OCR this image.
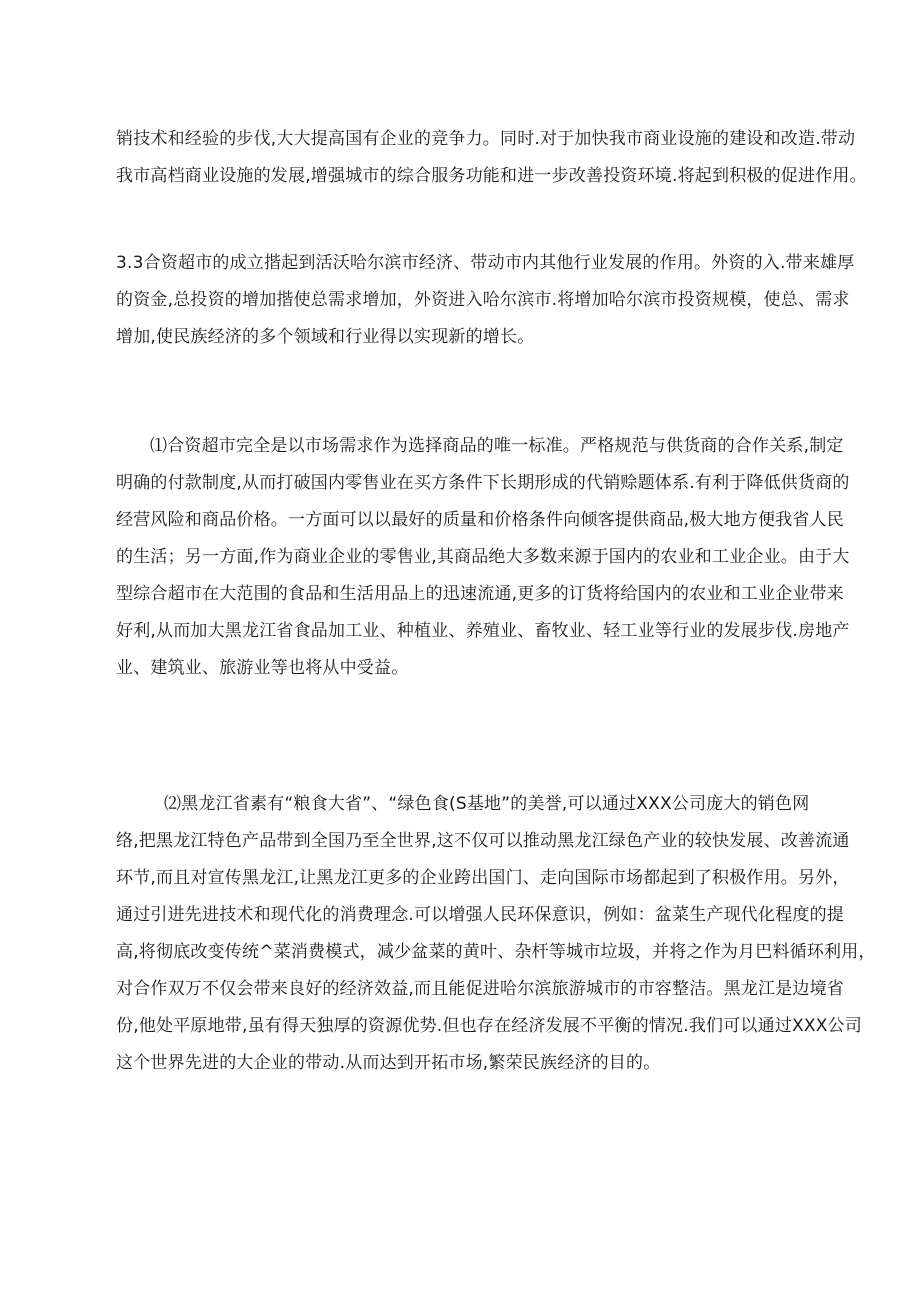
销技术和经验的步伐,大大提高国有企业的竞争力。同时.对于加快我市商业设施的建设和改造.带动
我市高档商业设施的发展,增强城市的综合服务功能和进一步改善投资环境.将起到积极的促进作用。

3.3合资超市的成立揩起到活沃哈尔滨市经济、带动市内其他行业发展的作用。外资的入.带来雄厚
的资金,总投资的增加揩使总需求增加，外资进入哈尔滨市.将增加哈尔滨市投资规模，使总、需求
增加,使民族经济的多个领域和行业得以实现新的增长。

⑴合资超市完全是以市场需求作为选择商品的唯一标准。严格规范与供货商的合作关系,制定
明确的付款制度,从而打破国内零售业在买方条件下长期形成的代销赊题体系.有利于降低供货商的
经营风险和商品价格。一方面可以以最好的质量和价格条件向倾客提供商品,极大地方便我省人民
的生活；另一方面,作为商业企业的零售业,其商品绝大多数来源于国内的农业和工业企业。由于大
型综合超市在大范围的食品和生活用品上的迅速流通,更多的订货将给国内的农业和工业企业带来
好利,从而加大黑龙江省食品加工业、种植业、养殖业、畜牧业、轻工业等行业的发展步伐.房地产
业、建筑业、旅游业等也将从中受益。

⑵黑龙江省素有“粮食大省”、“绿色食(S基地”的美誉,可以通过XXX公司庞大的销色网
络,把黑龙江特色产品带到全国乃至全世界,这不仅可以推动黑龙江绿色产业的较快发展、改善流通
环节,而且对宣传黑龙江,让黑龙江更多的企业跨出国门、走向国际市场都起到了积极作用。另外，
通过引进先进技术和现代化的消费理念.可以增强人民环保意识，例如：盆菜生产现代化程度的提
高,将彻底改变传统^菜消费模式，减少盆菜的黄叶、杂杆等城市垃圾，并将之作为月巴料循环利用，
对合作双万不仅会带来良好的经济效益,而且能促进哈尔滨旅游城市的市容整洁。黑龙江是边境省
份,他处平原地带,虽有得天独厚的资源优势.但也存在经济发展不平衡的情况.我们可以通过XXX公司
这个世界先进的大企业的带动.从而达到开拓市场,繁荣民族经济的目的。
